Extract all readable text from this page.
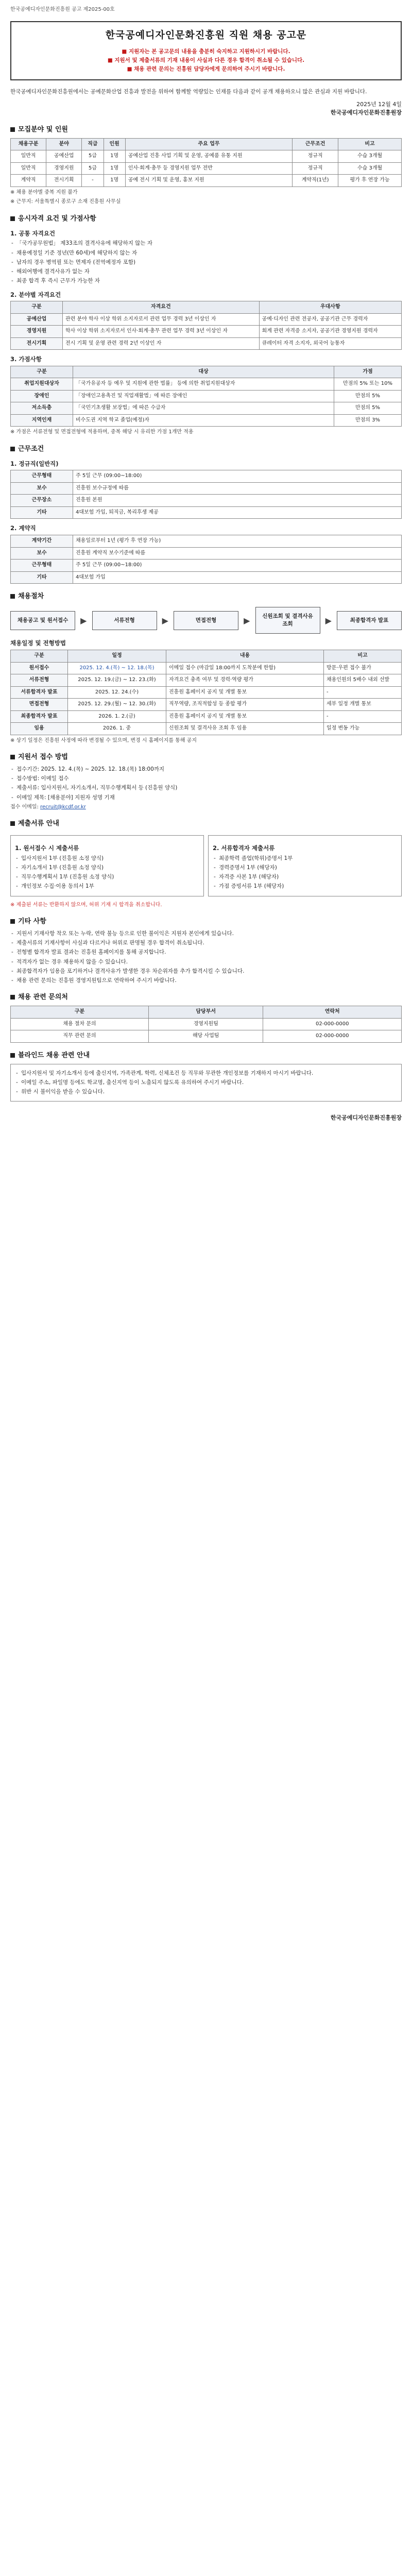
한국공예디자인문화진흥원 공고 제2025-00호
한국공예디자인문화진흥원 직원 채용 공고문
■ 지원자는 본 공고문의 내용을 충분히 숙지하고 지원하시기 바랍니다.
■ 지원서 및 제출서류의 기재 내용이 사실과 다른 경우 합격이 취소될 수 있습니다.
■ 채용 관련 문의는 진흥원 담당자에게 문의하여 주시기 바랍니다.
한국공예디자인문화진흥원에서는 공예문화산업 진흥과 발전을 위하여 함께할 역량있는 인재를 다음과 같이 공개 채용하오니 많은 관심과 지원 바랍니다.
2025년 12월 4일
한국공예디자인문화진흥원장
모집분야 및 인원
채용구분	분야	직급	인원	주요 업무	근무조건	비고
일반직	공예산업	5급	1명	공예산업 진흥 사업 기획 및 운영, 공예품 유통 지원	정규직	수습 3개월
일반직	경영지원	5급	1명	인사·회계·총무 등 경영지원 업무 전반	정규직	수습 3개월
계약직	전시기획	-	1명	공예 전시 기획 및 운영, 홍보 지원	계약직(1년)	평가 후 연장 가능
※ 채용 분야별 중복 지원 불가
※ 근무지: 서울특별시 종로구 소재 진흥원 사무실
응시자격 요건 및 가점사항
1. 공통 자격요건
- 「국가공무원법」 제33조의 결격사유에 해당하지 않는 자
- 채용예정일 기준 정년(만 60세)에 해당하지 않는 자
- 남자의 경우 병역필 또는 면제자 (전역예정자 포함)
- 해외여행에 결격사유가 없는 자
- 최종 합격 후 즉시 근무가 가능한 자
2. 분야별 자격요건
구분	자격요건	우대사항
공예산업	관련 분야 학사 이상 학위 소지자로서 관련 업무 경력 3년 이상인 자	공예·디자인 관련 전공자, 공공기관 근무 경력자
경영지원	학사 이상 학위 소지자로서 인사·회계·총무 관련 업무 경력 3년 이상인 자	회계 관련 자격증 소지자, 공공기관 경영지원 경력자
전시기획	전시 기획 및 운영 관련 경력 2년 이상인 자	큐레이터 자격 소지자, 외국어 능통자
3. 가점사항
구분	대상	가점
취업지원대상자	「국가유공자 등 예우 및 지원에 관한 법률」 등에 의한 취업지원대상자	만점의 5% 또는 10%
장애인	「장애인고용촉진 및 직업재활법」에 따른 장애인	만점의 5%
저소득층	「국민기초생활 보장법」에 따른 수급자	만점의 5%
지역인재	비수도권 지역 학교 졸업(예정)자	만점의 3%
※ 가점은 서류전형 및 면접전형에 적용하며, 중복 해당 시 유리한 가점 1개만 적용
근무조건
1. 정규직(일반직)
근무형태	주 5일 근무 (09:00~18:00)
보수	진흥원 보수규정에 따름
근무장소	진흥원 본원
기타	4대보험 가입, 퇴직금, 복리후생 제공
2. 계약직
계약기간	채용일로부터 1년 (평가 후 연장 가능)
보수	진흥원 계약직 보수기준에 따름
근무형태	주 5일 근무 (09:00~18:00)
기타	4대보험 가입
채용절차
채용공고 및 원서접수	▶	서류전형	▶	면접전형	▶	신원조회 및 결격사유 조회	▶	최종합격자 발표
채용일정 및 전형방법
구분	일정	내용	비고
원서접수	2025. 12. 4.(목) ~ 12. 18.(목)	이메일 접수 (마감일 18:00까지 도착분에 한함)	방문·우편 접수 불가
서류전형	2025. 12. 19.(금) ~ 12. 23.(화)	자격요건 충족 여부 및 경력·역량 평가	채용인원의 5배수 내외 선발
서류합격자 발표	2025. 12. 24.(수)	진흥원 홈페이지 공지 및 개별 통보	-
면접전형	2025. 12. 29.(월) ~ 12. 30.(화)	직무역량, 조직적합성 등 종합 평가	세부 일정 개별 통보
최종합격자 발표	2026. 1. 2.(금)	진흥원 홈페이지 공지 및 개별 통보	-
임용	2026. 1. 중	신원조회 및 결격사유 조회 후 임용	일정 변동 가능
※ 상기 일정은 진흥원 사정에 따라 변경될 수 있으며, 변경 시 홈페이지를 통해 공지
지원서 접수 방법
- 접수기간: 2025. 12. 4.(목) ~ 2025. 12. 18.(목) 18:00까지
- 접수방법: 이메일 접수
- 제출서류: 입사지원서, 자기소개서, 직무수행계획서 등 (진흥원 양식)
- 이메일 제목: [채용분야] 지원자 성명 기재
접수 이메일: recruit@kcdf.or.kr
제출서류 안내
1. 원서접수 시 제출서류
- 입사지원서 1부 (진흥원 소정 양식)
- 자기소개서 1부 (진흥원 소정 양식)
- 직무수행계획서 1부 (진흥원 소정 양식)
- 개인정보 수집·이용 동의서 1부
2. 서류합격자 제출서류
- 최종학력 졸업(학위)증명서 1부
- 경력증명서 1부 (해당자)
- 자격증 사본 1부 (해당자)
- 가점 증빙서류 1부 (해당자)
※ 제출된 서류는 반환하지 않으며, 허위 기재 시 합격을 취소합니다.
기타 사항
- 지원서 기재사항 착오 또는 누락, 연락 불능 등으로 인한 불이익은 지원자 본인에게 있습니다.
- 제출서류의 기재사항이 사실과 다르거나 허위로 판명될 경우 합격이 취소됩니다.
- 전형별 합격자 발표 결과는 진흥원 홈페이지를 통해 공지합니다.
- 적격자가 없는 경우 채용하지 않을 수 있습니다.
- 최종합격자가 임용을 포기하거나 결격사유가 발생한 경우 차순위자를 추가 합격시킬 수 있습니다.
- 채용 관련 문의는 진흥원 경영지원팀으로 연락하여 주시기 바랍니다.
채용 관련 문의처
구분	담당부서	연락처
채용 절차 문의	경영지원팀	02-000-0000
직무 관련 문의	해당 사업팀	02-000-0000
블라인드 채용 관련 안내
- 입사지원서 및 자기소개서 등에 출신지역, 가족관계, 학력, 신체조건 등 직무와 무관한 개인정보를 기재하지 마시기 바랍니다.
- 이메일 주소, 파일명 등에도 학교명, 출신지역 등이 노출되지 않도록 유의하여 주시기 바랍니다.
- 위반 시 불이익을 받을 수 있습니다.
한국공예디자인문화진흥원장
